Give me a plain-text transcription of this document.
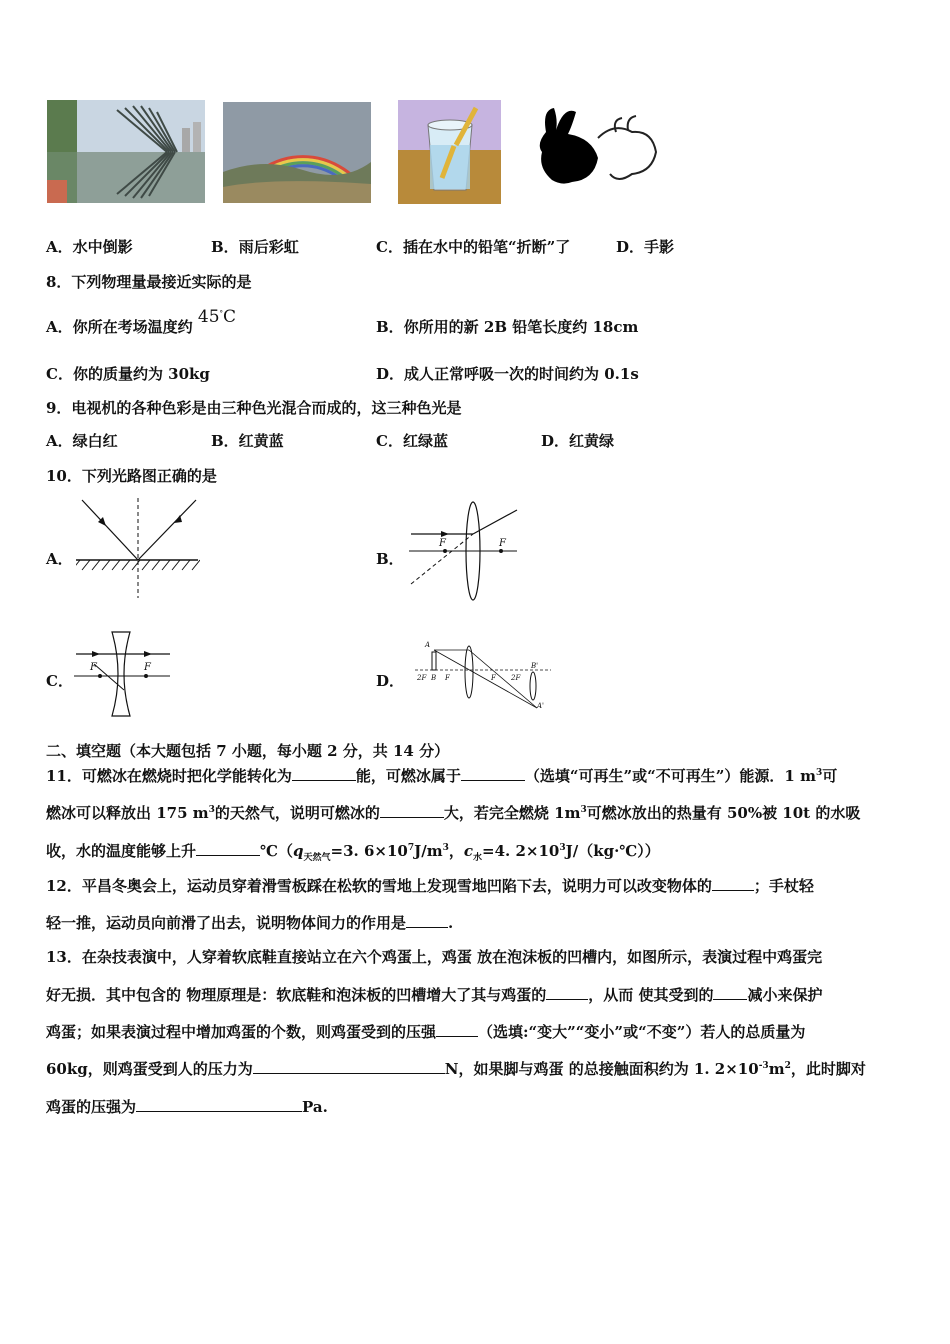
A．水中倒影	B．雨后彩虹	C．插在水中的铅笔“折断”了	D．手影
8．下列物理量最接近实际的是
A．你所在考场温度约 45°C	B．你所用的新 2B 铅笔长度约 18cm
C．你的质量约为 30kg	D．成人正常呼吸一次的时间约为 0.1s
9．电视机的各种色彩是由三种色光混合而成的，这三种色光是
A．绿白红	B．红黄蓝	C．红绿蓝	D．红黄绿
10．下列光路图正确的是
A．	B．
F	F
C．
F	F
D．
A
2F B F	F 2F
B'
A'
二、填空题（本大题包括 7 小题，每小题 2 分，共 14 分）
11．可燃冰在燃烧时把化学能转化为	能，可燃冰属于	（选填“可再生”或“不可再生”）能源．1 $m^3$可
燃冰可以释放出 175 $m^3$的天然气，说明可燃冰的	大，若完全燃烧 $1m^3$可燃冰放出的热量有 50%被 10t 的水吸
收，水的温度能够上升	$℃(q_{天然气}=3$. $6\times 10^7J/m^3$，$c_水=4$. $2\times 10^3J/(kg\cdot℃)$）
12．平昌冬奥会上，运动员穿着滑雪板踩在松软的雪地上发现雪地凹陷下去，说明力可以改变物体的	；手杖轻
轻一推，运动员向前滑了出去，说明物体间力的作用是	.
13．在杂技表演中，人穿着软底鞋直接站立在六个鸡蛋上，鸡蛋 放在泡沫板的凹槽内，如图所示，表演过程中鸡蛋完
好无损．其中包含的 物理原理是：软底鞋和泡沫板的凹槽增大了其与鸡蛋的	，从而 使其受到的 减小来保护
鸡蛋；如果表演过程中增加鸡蛋的个数，则鸡蛋受到的压强	（选填:“变大”“变小”或“不变”）若人的总质量为
60kg，则鸡蛋受到人的压力为	N，如果脚与鸡蛋 的总接触面积约为 1. $2\times 10^{-3}m^2$，此时脚对
鸡蛋的压强为	Pa.
